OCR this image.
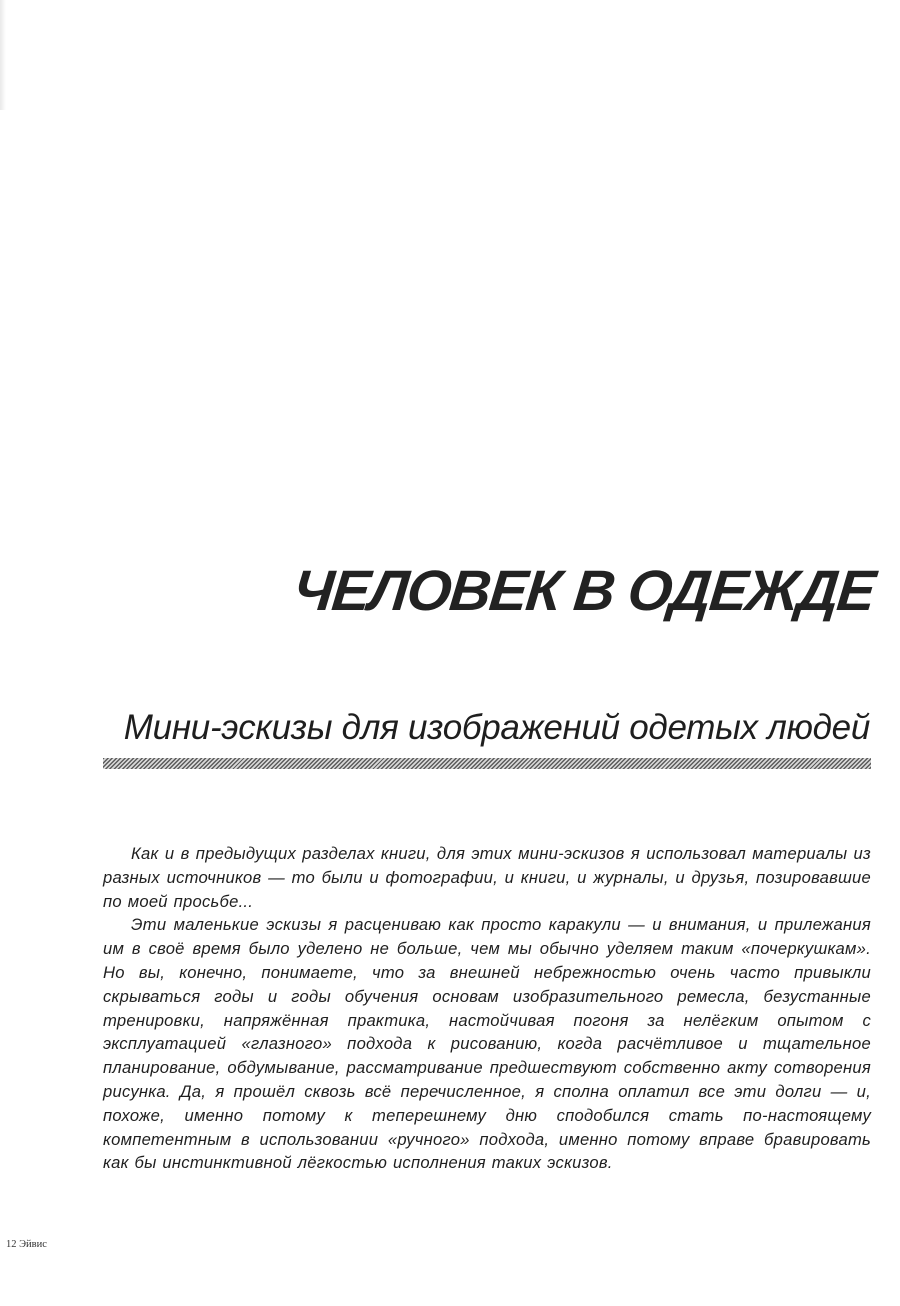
ЧЕЛОВЕК В ОДЕЖДЕ
Мини-эскизы для изображений одетых людей

Как и в предыдущих разделах книги, для этих мини-эскизов я использовал материалы из разных источников — то были и фотографии, и книги, и журналы, и друзья, позировавшие по моей просьбе...

Эти маленькие эскизы я расцениваю как просто каракули — и внимания, и прилежания им в своё время было уделено не больше, чем мы обычно уделяем таким «почеркушкам». Но вы, конечно, понимаете, что за внешней небрежностью очень часто привыкли скрываться годы и годы обучения основам изобразительного ремесла, безустанные тренировки, напряжённая практика, настойчивая погоня за нелёгким опытом с эксплуатацией «глазного» подхода к рисованию, когда расчётливое и тщательное планирование, обдумывание, рассматривание предшествуют собственно акту сотворения рисунка. Да, я прошёл сквозь всё перечисленное, я сполна оплатил все эти долги — и, похоже, именно потому к теперешнему дню сподобился стать по-настоящему компетентным в использовании «ручного» подхода, именно потому вправе бравировать как бы инстинктивной лёгкостью исполнения таких эскизов.

12 Эйвис
